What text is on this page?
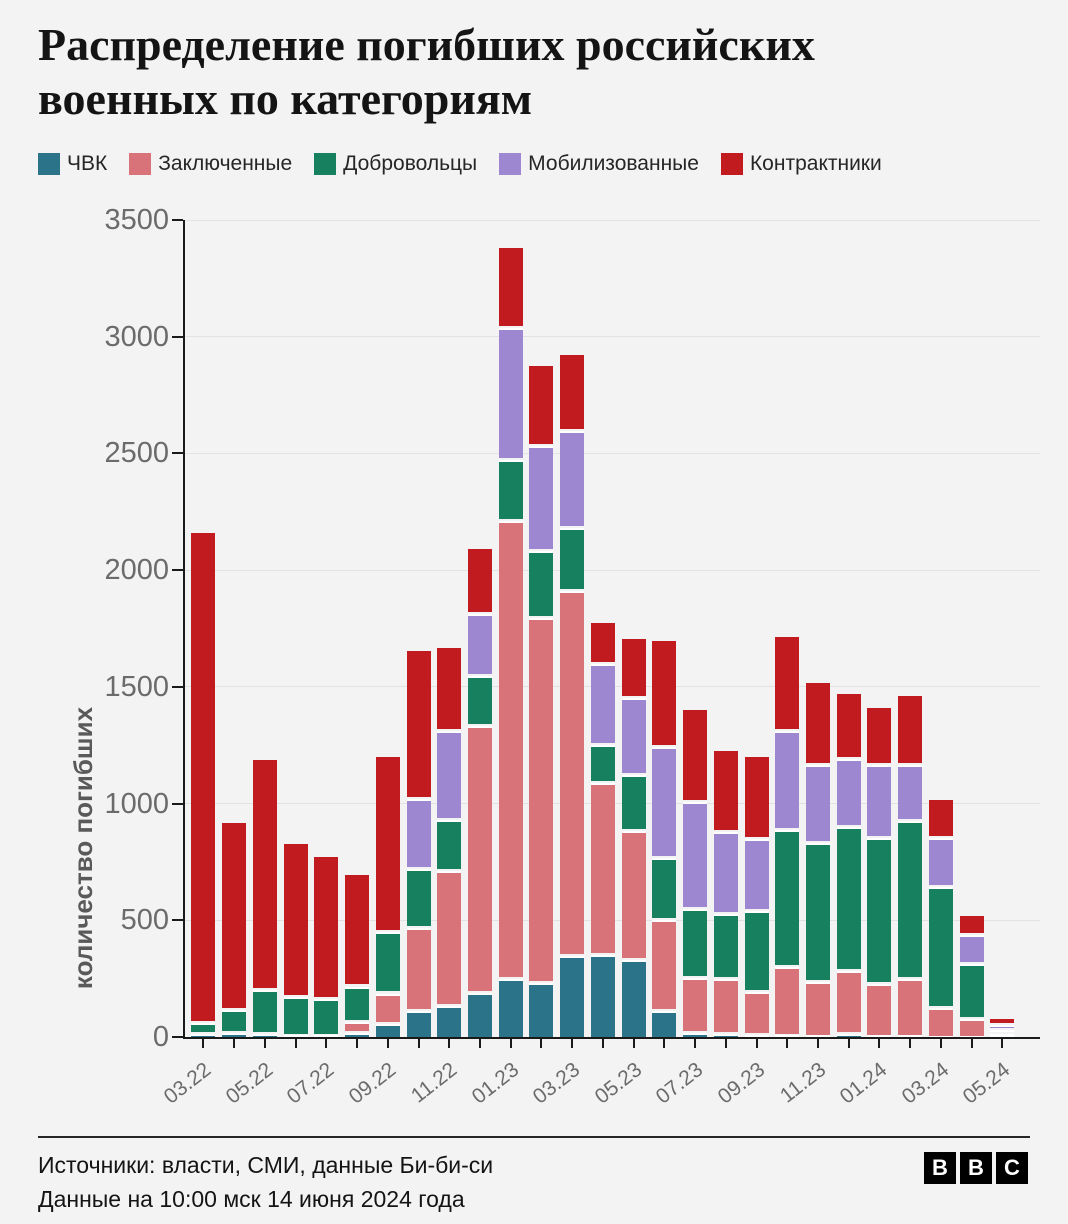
Распределение погибших российских военных по категориям
ЧВК Заключенные Добровольцы Мобилизованные Контрактники
количество погибших
0
500
1000
1500
2000
2500
3000
3500
03.22 05.22 07.22 09.22 11.22 01.23 03.23 05.23 07.23 09.23 11.23 01.24 03.24 05.24
Источники: власти, СМИ, данные Би-би-си
Данные на 10:00 мск 14 июня 2024 года
B B C
